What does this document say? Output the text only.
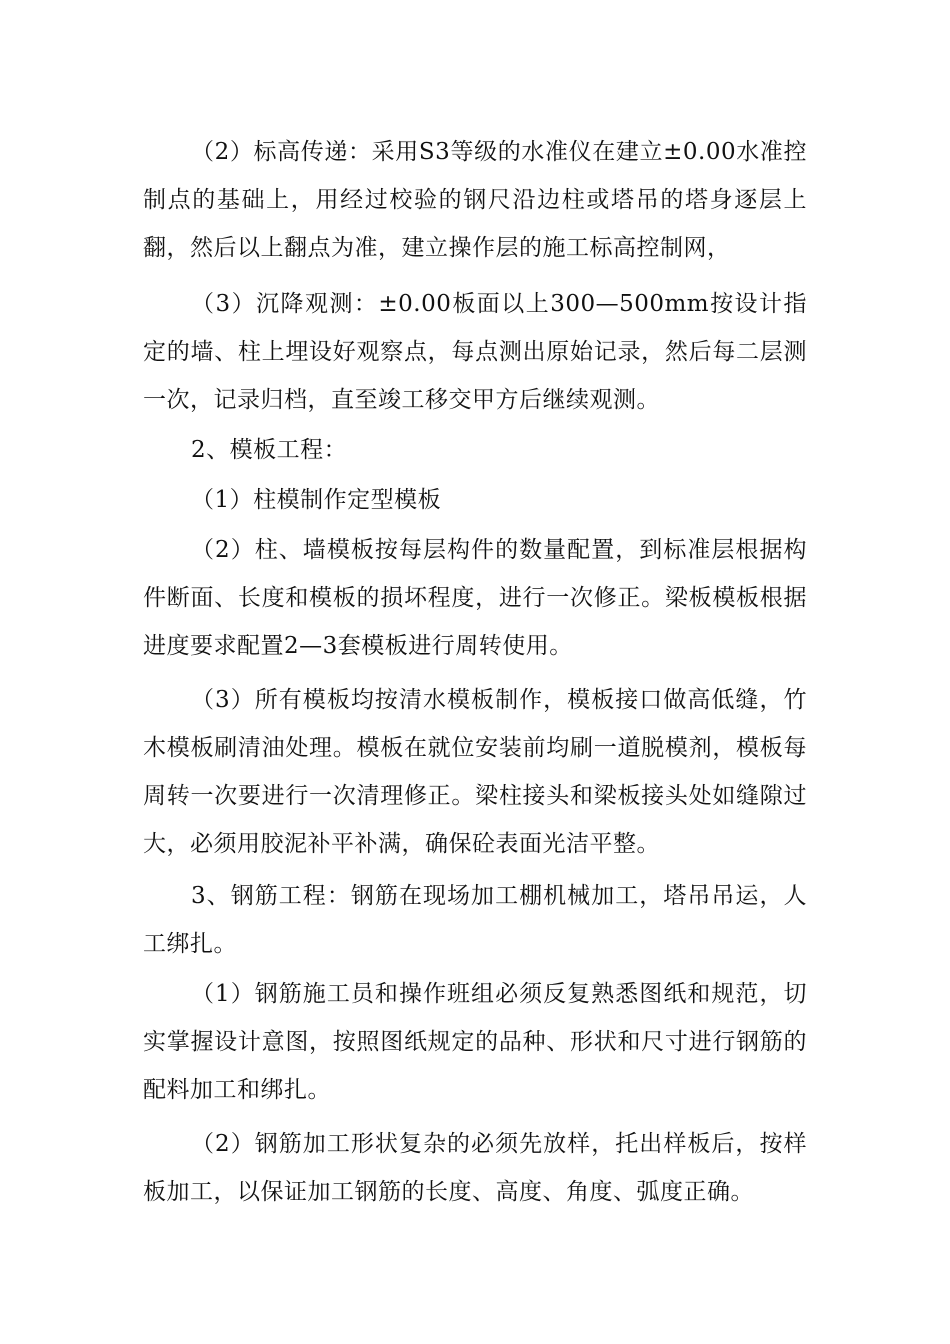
（2）标高传递：采用S3等级的水准仪在建立±0.00水准控制点的基础上，用经过校验的钢尺沿边柱或塔吊的塔身逐层上翻，然后以上翻点为准，建立操作层的施工标高控制网，

（3）沉降观测：±0.00板面以上300—500mm按设计指定的墙、柱上埋设好观察点，每点测出原始记录，然后每二层测一次，记录归档，直至竣工移交甲方后继续观测。

2、模板工程：

（1）柱模制作定型模板

（2）柱、墙模板按每层构件的数量配置，到标准层根据构件断面、长度和模板的损坏程度，进行一次修正。梁板模板根据进度要求配置2—3套模板进行周转使用。

（3）所有模板均按清水模板制作，模板接口做高低缝，竹木模板刷清油处理。模板在就位安装前均刷一道脱模剂，模板每周转一次要进行一次清理修正。梁柱接头和梁板接头处如缝隙过大，必须用胶泥补平补满，确保砼表面光洁平整。

3、钢筋工程：钢筋在现场加工棚机械加工，塔吊吊运，人工绑扎。

（1）钢筋施工员和操作班组必须反复熟悉图纸和规范，切实掌握设计意图，按照图纸规定的品种、形状和尺寸进行钢筋的配料加工和绑扎。

（2）钢筋加工形状复杂的必须先放样，托出样板后，按样板加工，以保证加工钢筋的长度、高度、角度、弧度正确。
